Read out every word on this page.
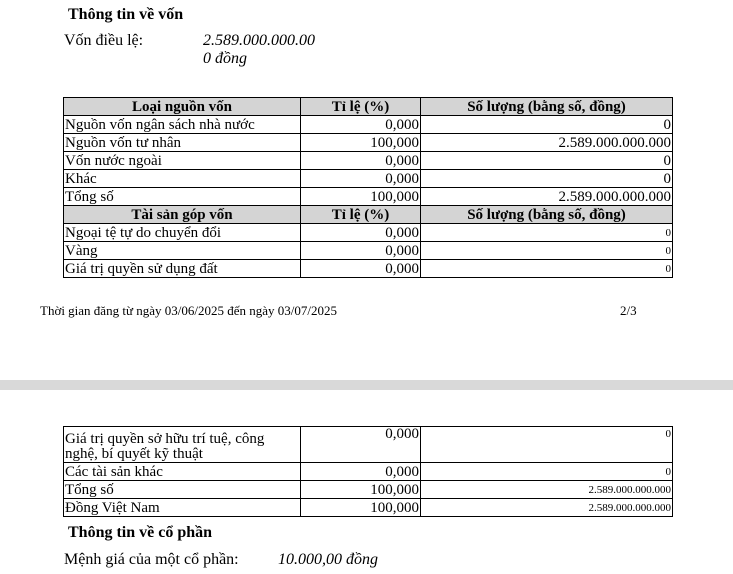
Thông tin về vốn
Vốn điều lệ:	2.589.000.000.00
0 đồng
Loại nguồn vốn	Tỉ lệ (%)	Số lượng (bằng số, đồng)
Nguồn vốn ngân sách nhà nước	0,000	0
Nguồn vốn tư nhân	100,000	2.589.000.000.000
Vốn nước ngoài	0,000	0
Khác	0,000	0
Tổng số	100,000	2.589.000.000.000
Tài sản góp vốn	Tỉ lệ (%)	Số lượng (bằng số, đồng)
Ngoại tệ tự do chuyển đổi	0,000	0
Vàng	0,000	0
Giá trị quyền sử dụng đất	0,000	0
Thời gian đăng từ ngày 03/06/2025 đến ngày 03/07/2025	2/3
Giá trị quyền sở hữu trí tuệ, công nghệ, bí quyết kỹ thuật	0,000	0
Các tài sản khác	0,000	0
Tổng số	100,000	2.589.000.000.000
Đồng Việt Nam	100,000	2.589.000.000.000
Thông tin về cổ phần
Mệnh giá của một cổ phần: 10.000,00 đồng
